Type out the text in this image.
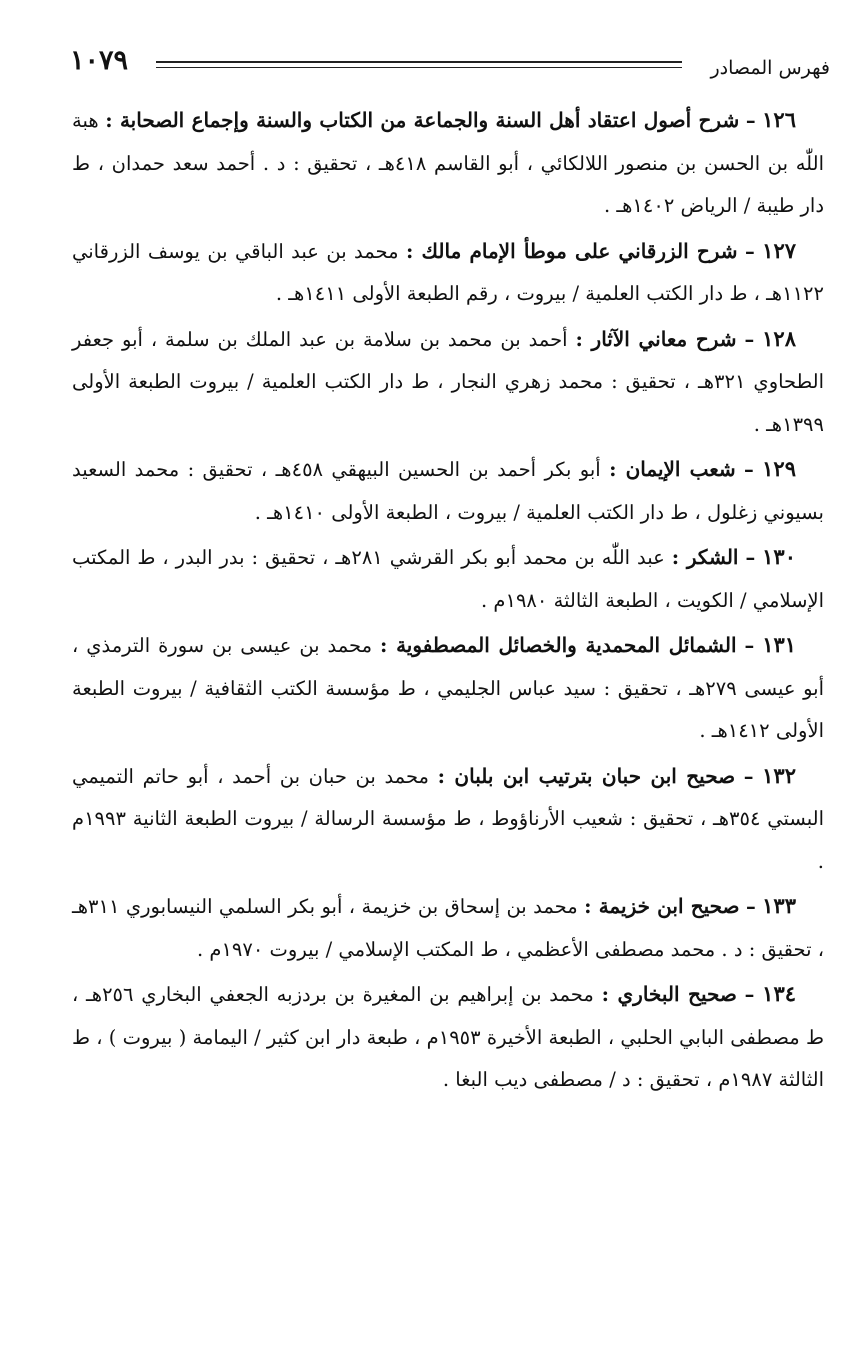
فهرس المصادر
١٠٧٩

١٢٦ – شرح أصول اعتقاد أهل السنة والجماعة من الكتاب والسنة وإجماع الصحابة : هبة اللّٰه بن الحسن بن منصور اللالكائي ، أبو القاسم ٤١٨هـ ، تحقيق : د . أحمد سعد حمدان ، ط دار طيبة / الرياض ١٤٠٢هـ .

١٢٧ – شرح الزرقاني على موطأ الإمام مالك : محمد بن عبد الباقي بن يوسف الزرقاني ١١٢٢هـ ، ط دار الكتب العلمية / بيروت ، رقم الطبعة الأولى ١٤١١هـ .

١٢٨ – شرح معاني الآثار : أحمد بن محمد بن سلامة بن عبد الملك بن سلمة ، أبو جعفر الطحاوي ٣٢١هـ ، تحقيق : محمد زهري النجار ، ط دار الكتب العلمية / بيروت الطبعة الأولى ١٣٩٩هـ .

١٢٩ – شعب الإيمان : أبو بكر أحمد بن الحسين البيهقي ٤٥٨هـ ، تحقيق : محمد السعيد بسيوني زغلول ، ط دار الكتب العلمية / بيروت ، الطبعة الأولى ١٤١٠هـ .

١٣٠ – الشكر : عبد اللّٰه بن محمد أبو بكر القرشي ٢٨١هـ ، تحقيق : بدر البدر ، ط المكتب الإسلامي / الكويت ، الطبعة الثالثة ١٩٨٠م .

١٣١ – الشمائل المحمدية والخصائل المصطفوية : محمد بن عيسى بن سورة الترمذي ، أبو عيسى ٢٧٩هـ ، تحقيق : سيد عباس الجليمي ، ط مؤسسة الكتب الثقافية / بيروت الطبعة الأولى ١٤١٢هـ .

١٣٢ – صحيح ابن حبان بترتيب ابن بلبان : محمد بن حبان بن أحمد ، أبو حاتم التميمي البستي ٣٥٤هـ ، تحقيق : شعيب الأرناؤوط ، ط مؤسسة الرسالة / بيروت الطبعة الثانية ١٩٩٣م .

١٣٣ – صحيح ابن خزيمة : محمد بن إسحاق بن خزيمة ، أبو بكر السلمي النيسابوري ٣١١هـ ، تحقيق : د . محمد مصطفى الأعظمي ، ط المكتب الإسلامي / بيروت ١٩٧٠م .

١٣٤ – صحيح البخاري : محمد بن إبراهيم بن المغيرة بن بردزبه الجعفي البخاري ٢٥٦هـ ، ط مصطفى البابي الحلبي ، الطبعة الأخيرة ١٩٥٣م ، طبعة دار ابن كثير / اليمامة ( بيروت ) ، ط الثالثة ١٩٨٧م ، تحقيق : د / مصطفى ديب البغا .
